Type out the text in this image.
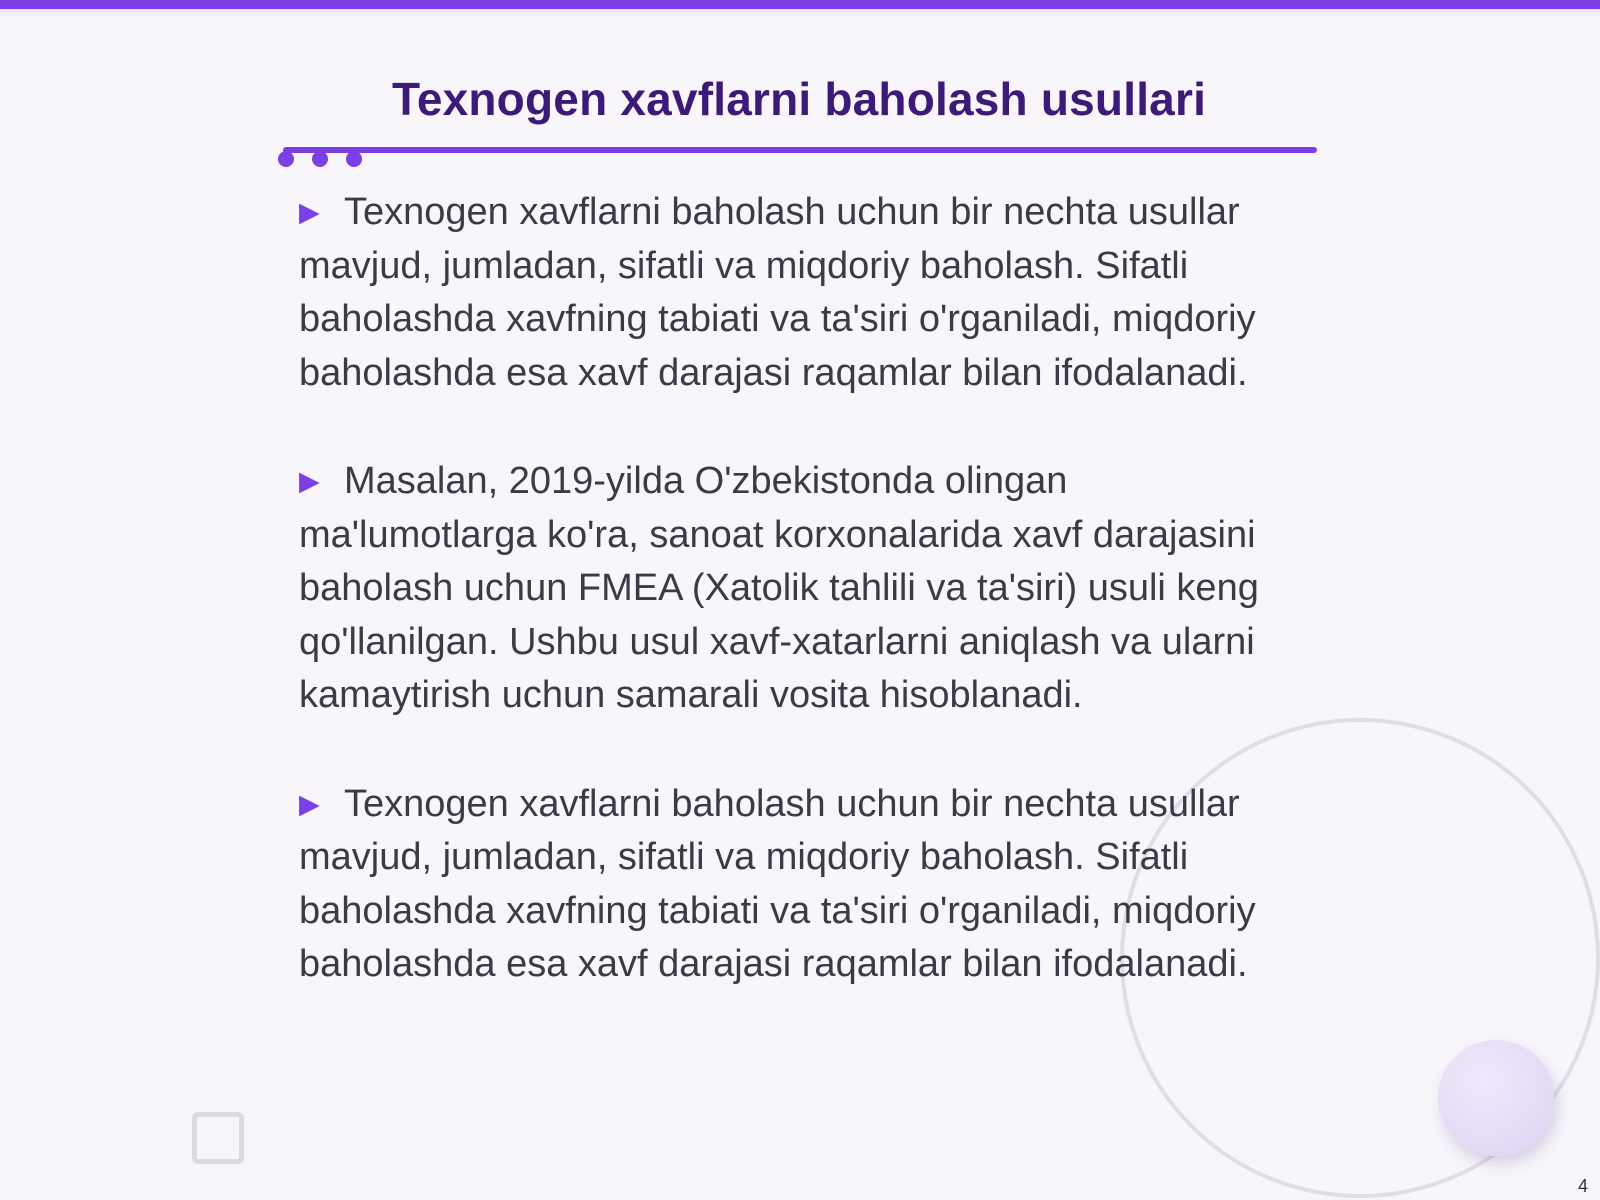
Texnogen xavflarni baholash usullari

▶ Texnogen xavflarni baholash uchun bir nechta usullar mavjud, jumladan, sifatli va miqdoriy baholash. Sifatli baholashda xavfning tabiati va ta'siri o'rganiladi, miqdoriy baholashda esa xavf darajasi raqamlar bilan ifodalanadi.

▶ Masalan, 2019-yilda O'zbekistonda olingan ma'lumotlarga ko'ra, sanoat korxonalarida xavf darajasini baholash uchun FMEA (Xatolik tahlili va ta'siri) usuli keng qo'llanilgan. Ushbu usul xavf-xatarlarni aniqlash va ularni kamaytirish uchun samarali vosita hisoblanadi.

▶ Texnogen xavflarni baholash uchun bir nechta usullar mavjud, jumladan, sifatli va miqdoriy baholash. Sifatli baholashda xavfning tabiati va ta'siri o'rganiladi, miqdoriy baholashda esa xavf darajasi raqamlar bilan ifodalanadi.

4
